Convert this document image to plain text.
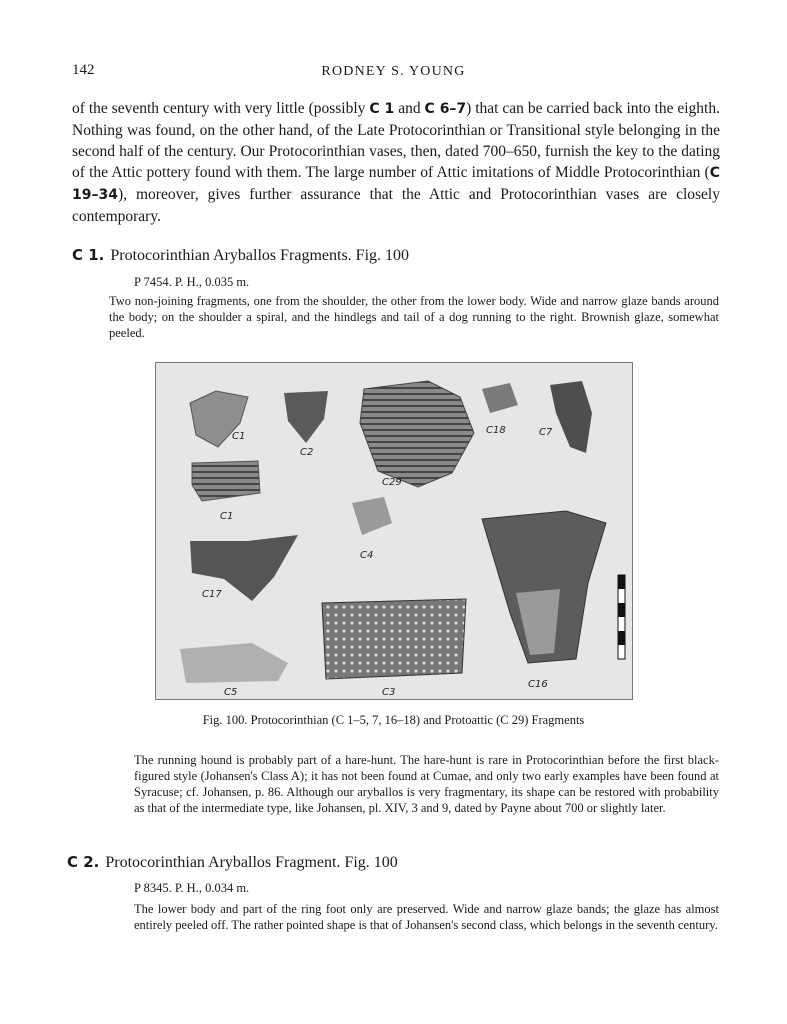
142	RODNEY S. YOUNG
of the seventh century with very little (possibly C 1 and C 6–7) that can be carried back into the eighth. Nothing was found, on the other hand, of the Late Protocorinthian or Transitional style belonging in the second half of the century. Our Protocorinthian vases, then, dated 700–650, furnish the key to the dating of the Attic pottery found with them. The large number of Attic imitations of Middle Protocorinthian (C 19–34), moreover, gives further assurance that the Attic and Protocorinthian vases are closely contemporary.
C 1. Protocorinthian Aryballos Fragments. Fig. 100
P 7454. P. H., 0.035 m.
Two non-joining fragments, one from the shoulder, the other from the lower body. Wide and narrow glaze bands around the body; on the shoulder a spiral, and the hindlegs and tail of a dog running to the right. Brownish glaze, somewhat peeled.
C1
C2
C29
C18	C7
C1
C4
C17
C5	C3
C16
Fig. 100. Protocorinthian (C 1–5, 7, 16–18) and Protoattic (C 29) Fragments
The running hound is probably part of a hare-hunt. The hare-hunt is rare in Protocorinthian before the first black-figured style (Johansen's Class A); it has not been found at Cumae, and only two early examples have been found at Syracuse; cf. Johansen, p. 86. Although our aryballos is very fragmentary, its shape can be restored with probability as that of the intermediate type, like Johansen, pl. XIV, 3 and 9, dated by Payne about 700 or slightly later.
C 2. Protocorinthian Aryballos Fragment. Fig. 100
P 8345. P. H., 0.034 m.
The lower body and part of the ring foot only are preserved. Wide and narrow glaze bands; the glaze has almost entirely peeled off. The rather pointed shape is that of Johansen's second class, which belongs in the seventh century.
